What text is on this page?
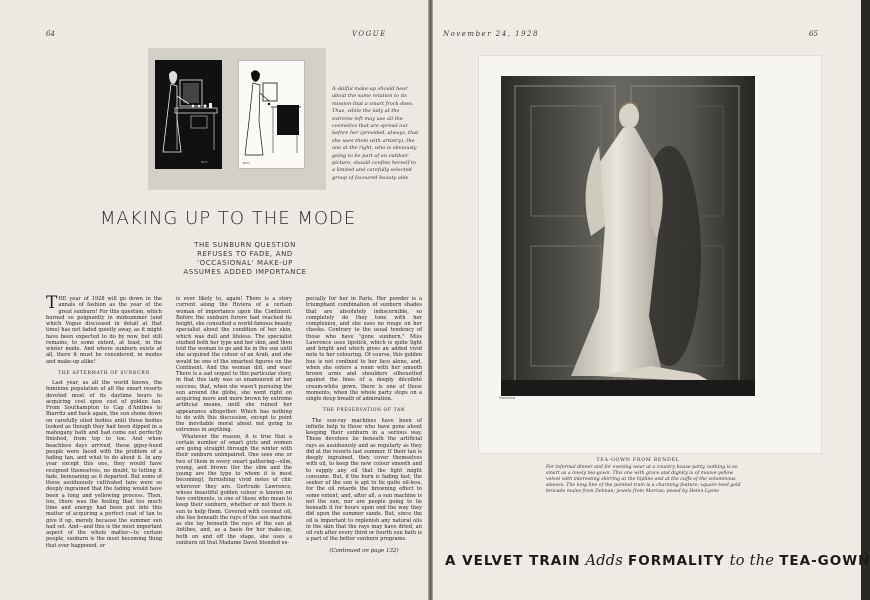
64	VOGUE
BPN	BPN
A skilful make-up should bear about the same relation to its mission that a smart frock does. Thus, while the lady at the extreme left may use all the cosmetics that are spread out before her (provided, always, that she uses them with artistry), the one at the right, who is obviously going to be part of an outdoor picture, should confine herself to a limited and carefully selected group of favoured beauty aids
MAKING UP TO THE MODE
THE SUNBURN QUESTION REFUSES TO FADE, AND 'OCCASIONAL' MAKE-UP ASSUMES ADDED IMPORTANCE

T HE year of 1928 will go down in the annals of fashion as the year of the great sunburn! For this question, which burned so poignantly in midsummer (and which Vogue discussed in detail at that time) has not faded quietly away, as it might have been expected to do by now, but still remains, to some extent, at least, in the winter mode. And where sunburn exists at all, there it must be considered, in modes and make-up alike!

THE AFTERMATH OF SUNBURN

Last year, as all the world knows, the feminine population of all the smart resorts devoted most of its daytime hours to acquiring cost upon cost of golden tan. From Southampton to Cap d'Antibes to Biarritz and back again, the sun shone down on carefully oiled bodies until those bodies looked as though they had been dipped in a mahogany bath and had come out perfectly finished, from top to toe. And when beachless days arrived, these gipsy-hued people were faced with the problem of a fading tan, and what to do about it. In any year except this one, they would have resigned themselves, no doubt, to letting it fade, bemoaning as it departed. But some of these assiduously cultivated tans were so deeply ingrained that the fading would have been a long and yellowing process. Then, too, there was the feeling that too much time and energy had been put into this matter of acquiring a perfect coat of tan to give it up, merely because the summer sun had set. And—and this is the most important aspect of the whole matter—to certain people, sunburn is the most becoming thing that ever happened, or

is ever likely to, again! There is a story current along the Riviera of a certain woman of importance upon the Continent. Before the sunburn furore had reached its height, she consulted a world-famous beauty specialist about the condition of her skin, which was dull and lifeless. The specialist studied both her type and her skin, and then told the woman to go and lie in the sun until she acquired the colour of an Arab, and she would be one of the smartest figures on the Continent. And the woman did, and was! There is a sad sequel to this particular story, in that this lady was so enamoured of her success, that, when she wasn't pursuing the sun around the globe, she went right on acquiring more and more brown by extreme artificial means, until she ruined her appearance altogether. Which has nothing to do with this discussion, except to point the inevitable moral about not going to extremes in anything.

Whatever the reason, it is true that a certain number of smart girls and women are going straight through the winter with their sunburn unimpaired. One sees one or two of them in every smart gathering—slim, young, and brown (for the slim and the young are the type to whom it is most becoming), furnishing vivid notes of chic wherever they are. Gertrude Lawrence, whose beautiful golden colour is known on two continents, is one of those who mean to keep their sunburn, whether or not there is sun to help them. Covered with coconut oil, she lies beneath the rays of the sun machine as she lay beneath the rays of the sun at Antibes, and, as a basis for her make-up, both on and off the stage, she uses a sunburn oil that Madame Davel blended es-

pecially for her in Paris. Her powder is a triumphant combination of sunburn shades that are absolutely indiscernible, so completely do they tone with her complexion, and she uses no rouge on her cheeks. Contrary to the usual tendency of those who have "gone sunburn," Miss Lawrence uses lipstick, which is quite light and bright and which gives an added vivid note to her colouring. Of course, this golden hue is not confined to her face alone, and, when she enters a room with her smooth brown arms and shoulders silhouetted against the lines of a deeply décolleté cream-white gown, there is one of those moments, when the whole party stops on a single deep breath of admiration.

THE PRESERVATION OF TAN

The sun-ray machines have been of infinite help to those who have gone about keeping their sunburn in a serious way. These devotees lie beneath the artificial rays as assiduously and as regularly as they did at the resorts last summer. If their tan is deeply ingrained, they cover themselves with oil, to keep the new colour smooth and to supply any oil that the light might consume. But, if the burn is fading fast, the seeker of the sun is apt to lie quite oil-less, for the oil retards the browning effect to some extent, and, after all, a sun machine is not the sun, nor are people going to lie beneath it for hours upon end the way they did upon the summer sands. But, since the oil is important to replenish any natural oils in the skin that the rays may have dried, an oil rub after every third or fourth sun bath is a part of the better sunburn programs.

(Continued on page 132)
November 24, 1928	65
Steichen
TEA-GOWN FROM BENDEL
For informal dinner and for evening wear at a country house-party, nothing is so smart as a lovely tea-gown. This one with grace and dignity is of mauve-yellow velvet with interesting shirring at the hipline and at the cuffs of the voluminous sleeves. The long line of the pointed train is a charming feature; square-toed gold brocade mules from Delman; jewels from Marcus; posed by Helen Lyons
A VELVET TRAIN Adds FORMALITY to the TEA-GOWN
